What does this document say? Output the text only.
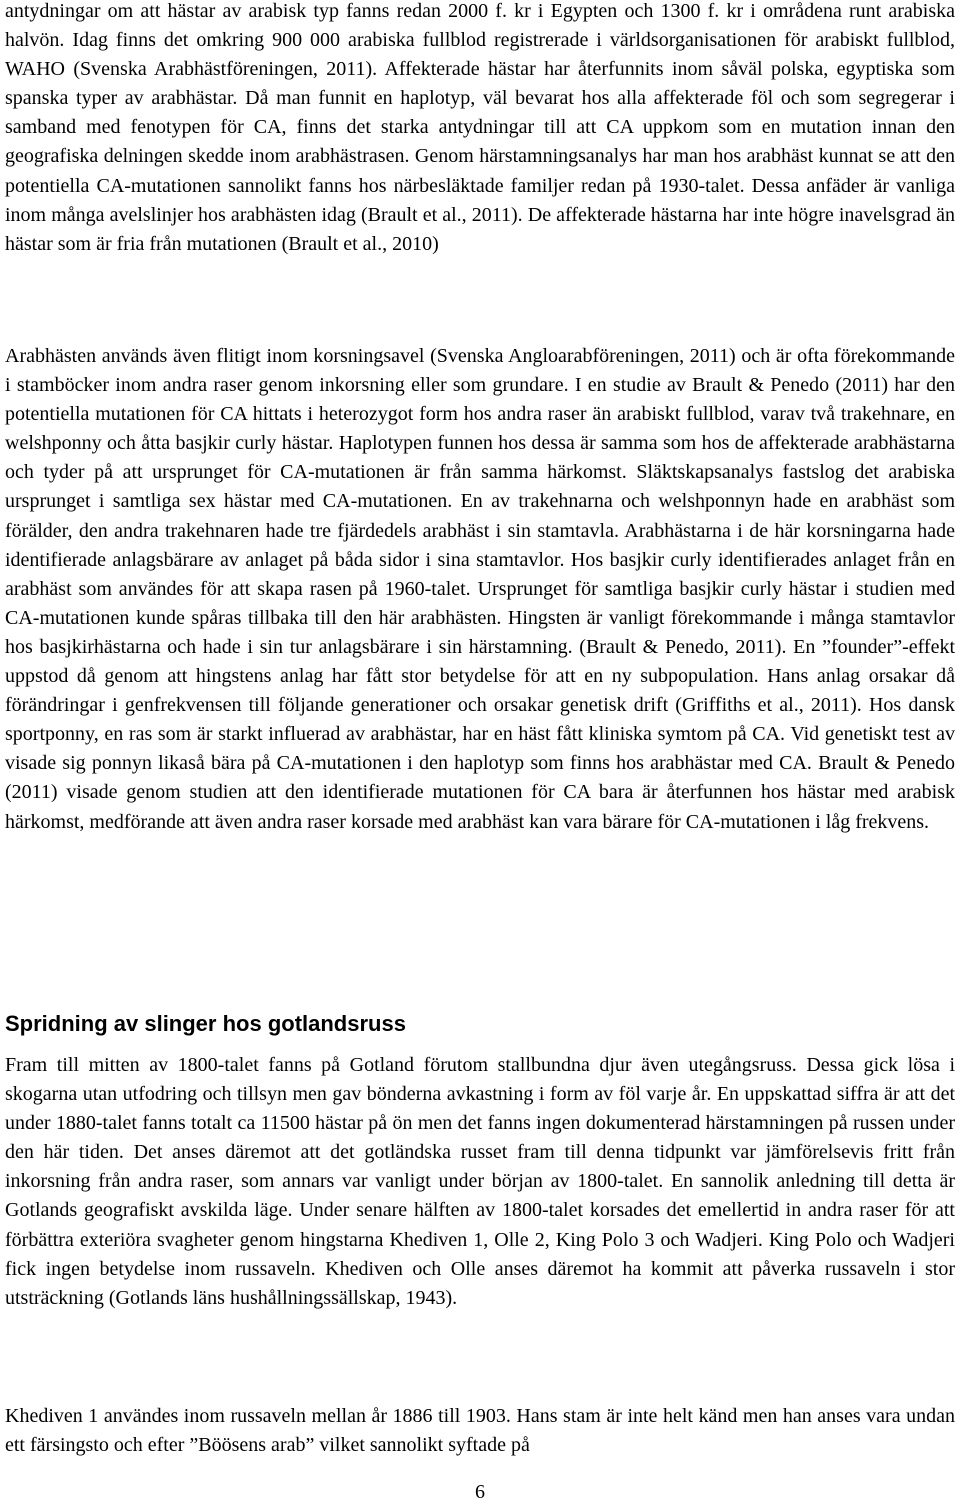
antydningar om att hästar av arabisk typ fanns redan 2000 f. kr i Egypten och 1300 f. kr i områdena runt arabiska halvön. Idag finns det omkring 900 000 arabiska fullblod registrerade i världsorganisationen för arabiskt fullblod, WAHO (Svenska Arabhästföreningen, 2011). Affekterade hästar har återfunnits inom såväl polska, egyptiska som spanska typer av arabhästar. Då man funnit en haplotyp, väl bevarat hos alla affekterade föl och som segregerar i samband med fenotypen för CA, finns det starka antydningar till att CA uppkom som en mutation innan den geografiska delningen skedde inom arabhästrasen. Genom härstamningsanalys har man hos arabhäst kunnat se att den potentiella CA-mutationen sannolikt fanns hos närbesläktade familjer redan på 1930-talet. Dessa anfäder är vanliga inom många avelslinjer hos arabhästen idag (Brault et al., 2011). De affekterade hästarna har inte högre inavelsgrad än hästar som är fria från mutationen (Brault et al., 2010)

Arabhästen används även flitigt inom korsningsavel (Svenska Angloarabföreningen, 2011) och är ofta förekommande i stamböcker inom andra raser genom inkorsning eller som grundare. I en studie av Brault & Penedo (2011) har den potentiella mutationen för CA hittats i heterozygot form hos andra raser än arabiskt fullblod, varav två trakehnare, en welshponny och åtta basjkir curly hästar. Haplotypen funnen hos dessa är samma som hos de affekterade arabhästarna och tyder på att ursprunget för CA-mutationen är från samma härkomst. Släktskapsanalys fastslog det arabiska ursprunget i samtliga sex hästar med CA-mutationen. En av trakehnarna och welshponnyn hade en arabhäst som förälder, den andra trakehnaren hade tre fjärdedels arabhäst i sin stamtavla. Arabhästarna i de här korsningarna hade identifierade anlagsbärare av anlaget på båda sidor i sina stamtavlor. Hos basjkir curly identifierades anlaget från en arabhäst som användes för att skapa rasen på 1960-talet. Ursprunget för samtliga basjkir curly hästar i studien med CA-mutationen kunde spåras tillbaka till den här arabhästen. Hingsten är vanligt förekommande i många stamtavlor hos basjkirhästarna och hade i sin tur anlagsbärare i sin härstamning. (Brault & Penedo, 2011). En ”founder”-effekt uppstod då genom att hingstens anlag har fått stor betydelse för att en ny subpopulation. Hans anlag orsakar då förändringar i genfrekvensen till följande generationer och orsakar genetisk drift (Griffiths et al., 2011). Hos dansk sportponny, en ras som är starkt influerad av arabhästar, har en häst fått kliniska symtom på CA. Vid genetiskt test av visade sig ponnyn likaså bära på CA-mutationen i den haplotyp som finns hos arabhästar med CA. Brault & Penedo (2011) visade genom studien att den identifierade mutationen för CA bara är återfunnen hos hästar med arabisk härkomst, medförande att även andra raser korsade med arabhäst kan vara bärare för CA-mutationen i låg frekvens.

Spridning av slinger hos gotlandsruss

Fram till mitten av 1800-talet fanns på Gotland förutom stallbundna djur även utegångsruss. Dessa gick lösa i skogarna utan utfodring och tillsyn men gav bönderna avkastning i form av föl varje år. En uppskattad siffra är att det under 1880-talet fanns totalt ca 11500 hästar på ön men det fanns ingen dokumenterad härstamningen på russen under den här tiden. Det anses däremot att det gotländska russet fram till denna tidpunkt var jämförelsevis fritt från inkorsning från andra raser, som annars var vanligt under början av 1800-talet. En sannolik anledning till detta är Gotlands geografiskt avskilda läge. Under senare hälften av 1800-talet korsades det emellertid in andra raser för att förbättra exteriöra svagheter genom hingstarna Khediven 1, Olle 2, King Polo 3 och Wadjeri. King Polo och Wadjeri fick ingen betydelse inom russaveln. Khediven och Olle anses däremot ha kommit att påverka russaveln i stor utsträckning (Gotlands läns hushållningssällskap, 1943).

Khediven 1 användes inom russaveln mellan år 1886 till 1903. Hans stam är inte helt känd men han anses vara undan ett färsingsto och efter ”Böösens arab” vilket sannolikt syftade på

6
